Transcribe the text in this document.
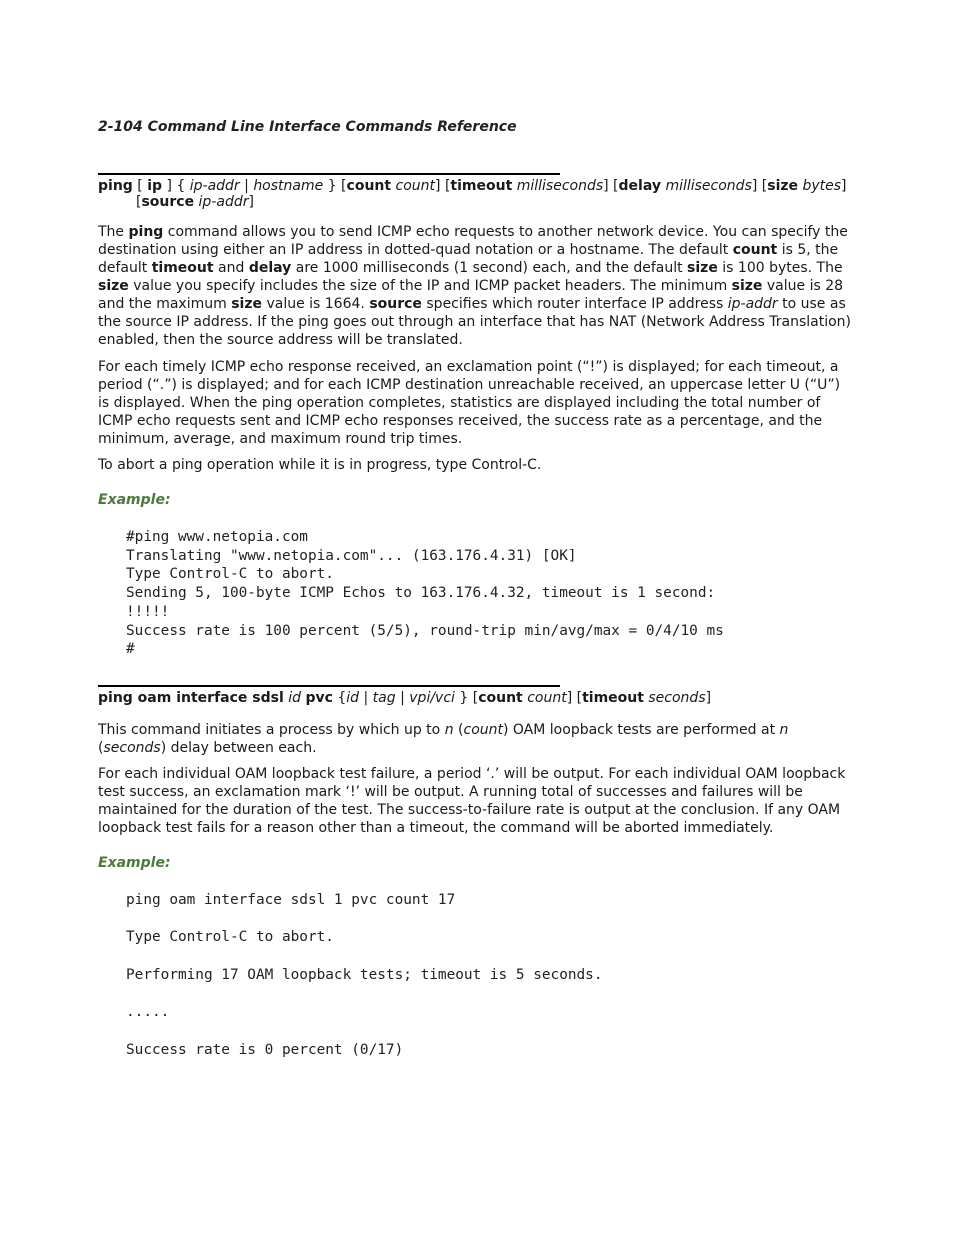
2-104 Command Line Interface Commands Reference
ping [ ip ] { ip-addr | hostname } [count count] [timeout milliseconds] [delay milliseconds] [size bytes]
[source ip-addr]

The ping command allows you to send ICMP echo requests to another network device. You can specify the destination using either an IP address in dotted-quad notation or a hostname. The default count is 5, the default timeout and delay are 1000 milliseconds (1 second) each, and the default size is 100 bytes. The size value you specify includes the size of the IP and ICMP packet headers. The minimum size value is 28 and the maximum size value is 1664. source specifies which router interface IP address ip-addr to use as the source IP address. If the ping goes out through an interface that has NAT (Network Address Translation) enabled, then the source address will be translated.

For each timely ICMP echo response received, an exclamation point (“!”) is displayed; for each timeout, a period (“.”) is displayed; and for each ICMP destination unreachable received, an uppercase letter U (“U”) is displayed. When the ping operation completes, statistics are displayed including the total number of ICMP echo requests sent and ICMP echo responses received, the success rate as a percentage, and the minimum, average, and maximum round trip times.

To abort a ping operation while it is in progress, type Control-C.

Example:
#ping www.netopia.com
Translating "www.netopia.com"... (163.176.4.31) [OK]
Type Control-C to abort.
Sending 5, 100-byte ICMP Echos to 163.176.4.32, timeout is 1 second:
!!!!!
Success rate is 100 percent (5/5), round-trip min/avg/max = 0/4/10 ms
#
ping oam interface sdsl id pvc {id | tag | vpi/vci } [count count] [timeout seconds]

This command initiates a process by which up to n (count) OAM loopback tests are performed at n (seconds) delay between each.

For each individual OAM loopback test failure, a period ‘.’ will be output. For each individual OAM loopback test success, an exclamation mark ‘!’ will be output. A running total of successes and failures will be maintained for the duration of the test. The success-to-failure rate is output at the conclusion. If any OAM loopback test fails for a reason other than a timeout, the command will be aborted immediately.

Example:
ping oam interface sdsl 1 pvc count 17

Type Control-C to abort.

Performing 17 OAM loopback tests; timeout is 5 seconds.

.....

Success rate is 0 percent (0/17)
